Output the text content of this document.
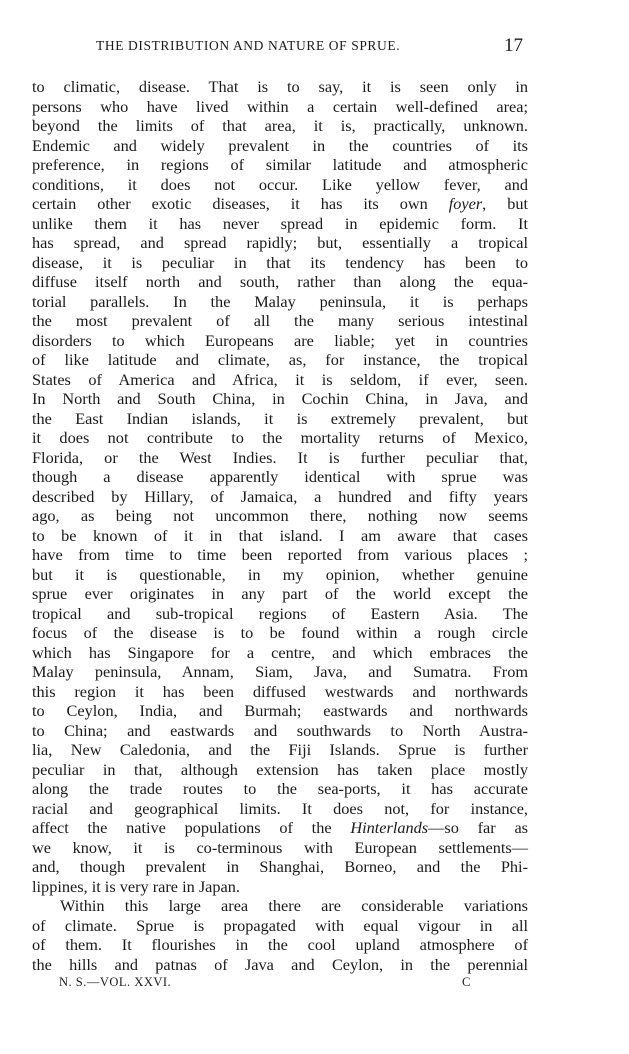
THE DISTRIBUTION AND NATURE OF SPRUE.	17
to climatic, disease. That is to say, it is seen only in
persons who have lived within a certain well-defined area;
beyond the limits of that area, it is, practically, unknown.
Endemic and widely prevalent in the countries of its
preference, in regions of similar latitude and atmospheric
conditions, it does not occur. Like yellow fever, and
certain other exotic diseases, it has its own foyer, but
unlike them it has never spread in epidemic form. It
has spread, and spread rapidly; but, essentially a tropical
disease, it is peculiar in that its tendency has been to
diffuse itself north and south, rather than along the equa-
torial parallels. In the Malay peninsula, it is perhaps
the most prevalent of all the many serious intestinal
disorders to which Europeans are liable; yet in countries
of like latitude and climate, as, for instance, the tropical
States of America and Africa, it is seldom, if ever, seen.
In North and South China, in Cochin China, in Java, and
the East Indian islands, it is extremely prevalent, but
it does not contribute to the mortality returns of Mexico,
Florida, or the West Indies. It is further peculiar that,
though a disease apparently identical with sprue was
described by Hillary, of Jamaica, a hundred and fifty years
ago, as being not uncommon there, nothing now seems
to be known of it in that island. I am aware that cases
have from time to time been reported from various places ;
but it is questionable, in my opinion, whether genuine
sprue ever originates in any part of the world except the
tropical and sub-tropical regions of Eastern Asia. The
focus of the disease is to be found within a rough circle
which has Singapore for a centre, and which embraces the
Malay peninsula, Annam, Siam, Java, and Sumatra. From
this region it has been diffused westwards and northwards
to Ceylon, India, and Burmah; eastwards and northwards
to China; and eastwards and southwards to North Austra-
lia, New Caledonia, and the Fiji Islands. Sprue is further
peculiar in that, although extension has taken place mostly
along the trade routes to the sea-ports, it has accurate
racial and geographical limits. It does not, for instance,
affect the native populations of the Hinterlands—so far as
we know, it is co-terminous with European settlements—
and, though prevalent in Shanghai, Borneo, and the Phi-
lippines, it is very rare in Japan.
Within this large area there are considerable variations
of climate. Sprue is propagated with equal vigour in all
of them. It flourishes in the cool upland atmosphere of
the hills and patnas of Java and Ceylon, in the perennial
N. S.—VOL. XXVI.	C
